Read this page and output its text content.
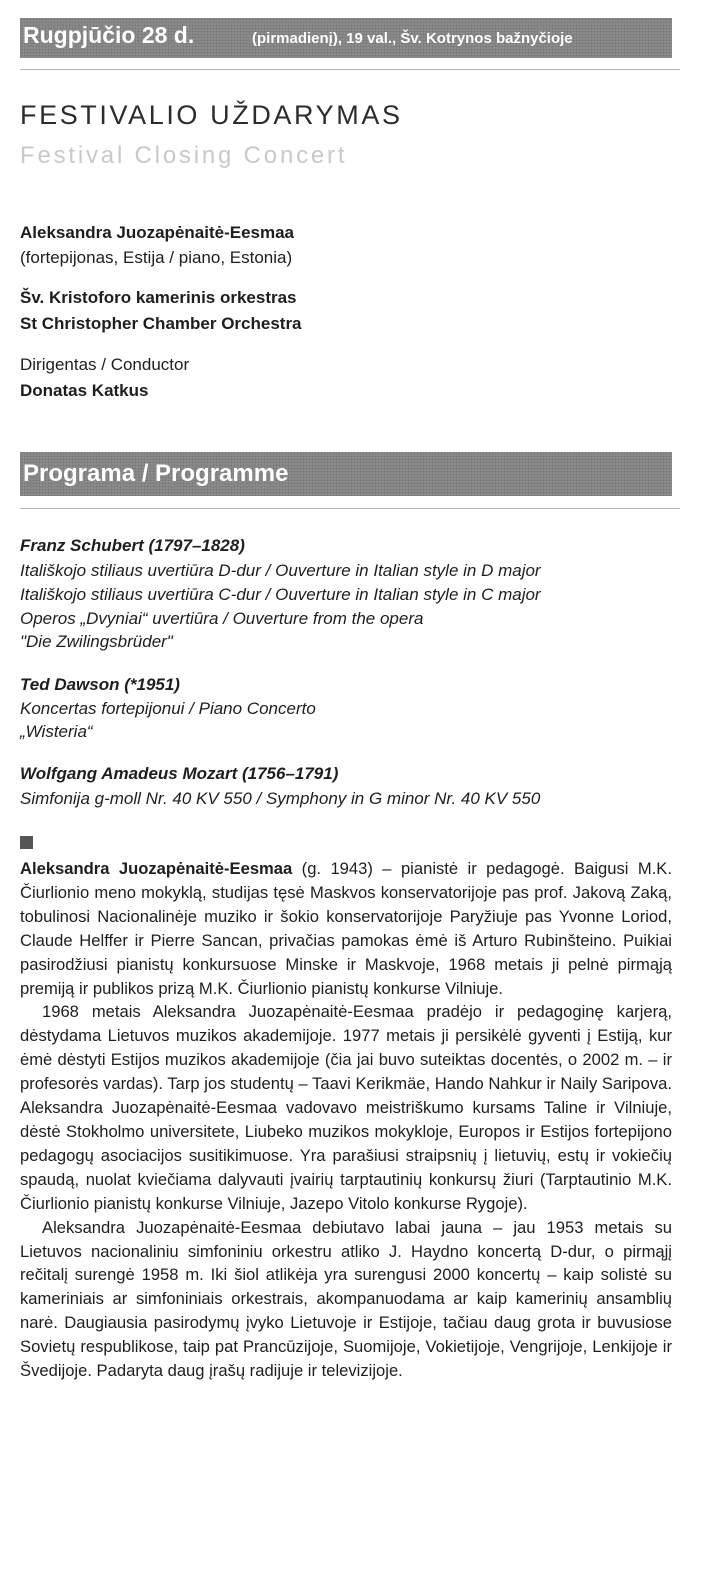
Rugpjūčio 28 d.	(pirmadienį), 19 val., Šv. Kotrynos bažnyčioje
FESTIVALIO UŽDARYMAS
Festival Closing Concert
Aleksandra Juozapėnaitė-Eesmaa
(fortepijonas, Estija / piano, Estonia)
Šv. Kristoforo kamerinis orkestras
St Christopher Chamber Orchestra
Dirigentas / Conductor
Donatas Katkus
Programa / Programme
Franz Schubert (1797–1828)
Itališkojo stiliaus uvertiūra D-dur / Ouverture in Italian style in D major
Itališkojo stiliaus uvertiūra C-dur / Ouverture in Italian style in C major
Operos „Dvyniai“ uvertiūra / Ouverture from the opera
"Die Zwilingsbrüder"
Ted Dawson (*1951)
Koncertas fortepijonui / Piano Concerto
„Wisteria“
Wolfgang Amadeus Mozart (1756–1791)
Simfonija g-moll Nr. 40 KV 550 / Symphony in G minor Nr. 40 KV 550

Aleksandra Juozapėnaitė-Eesmaa (g. 1943) – pianistė ir pedagogė. Baigusi M.K. Čiurlionio meno mokyklą, studijas tęsė Maskvos konservatorijoje pas prof. Jakovą Zaką, tobulinosi Nacionalinėje muziko ir šokio konservatorijoje Paryžiuje pas Yvonne Loriod, Claude Helffer ir Pierre Sancan, privačias pamokas ėmė iš Arturo Rubinšteino. Puikiai pasirodžiusi pianistų konkursuose Minske ir Maskvoje, 1968 metais ji pelnė pirmąją premiją ir publikos prizą M.K. Čiurlionio pianistų konkurse Vilniuje.

1968 metais Aleksandra Juozapėnaitė-Eesmaa pradėjo ir pedagoginę karjerą, dėstydama Lietuvos muzikos akademijoje. 1977 metais ji persikėlė gyventi į Estiją, kur ėmė dėstyti Estijos muzikos akademijoje (čia jai buvo suteiktas docentės, o 2002 m. – ir profesorės vardas). Tarp jos studentų – Taavi Kerikmäe, Hando Nahkur ir Naily Saripova. Aleksandra Juozapėnaitė-Eesmaa vadovavo meistriškumo kursams Taline ir Vilniuje, dėstė Stokholmo universitete, Liubeko muzikos mokykloje, Europos ir Estijos fortepijono pedagogų asociacijos susitikimuose. Yra parašiusi straipsnių į lietuvių, estų ir vokiečių spaudą, nuolat kviečiama dalyvauti įvairių tarptautinių konkursų žiuri (Tarptautinio M.K. Čiurlionio pianistų konkurse Vilniuje, Jazepo Vitolo konkurse Rygoje).

Aleksandra Juozapėnaitė-Eesmaa debiutavo labai jauna – jau 1953 metais su Lietuvos nacionaliniu simfoniniu orkestru atliko J. Haydno koncertą D-dur, o pirmąjį rečitalį surengė 1958 m. Iki šiol atlikėja yra surengusi 2000 koncertų – kaip solistė su kameriniais ar simfoniniais orkestrais, akompanuodama ar kaip kamerinių ansamblių narė. Daugiausia pasirodymų įvyko Lietuvoje ir Estijoje, tačiau daug grota ir buvusiose Sovietų respublikose, taip pat Prancūzijoje, Suomijoje, Vokietijoje, Vengrijoje, Lenkijoje ir Švedijoje. Padaryta daug įrašų radijuje ir televizijoje.
